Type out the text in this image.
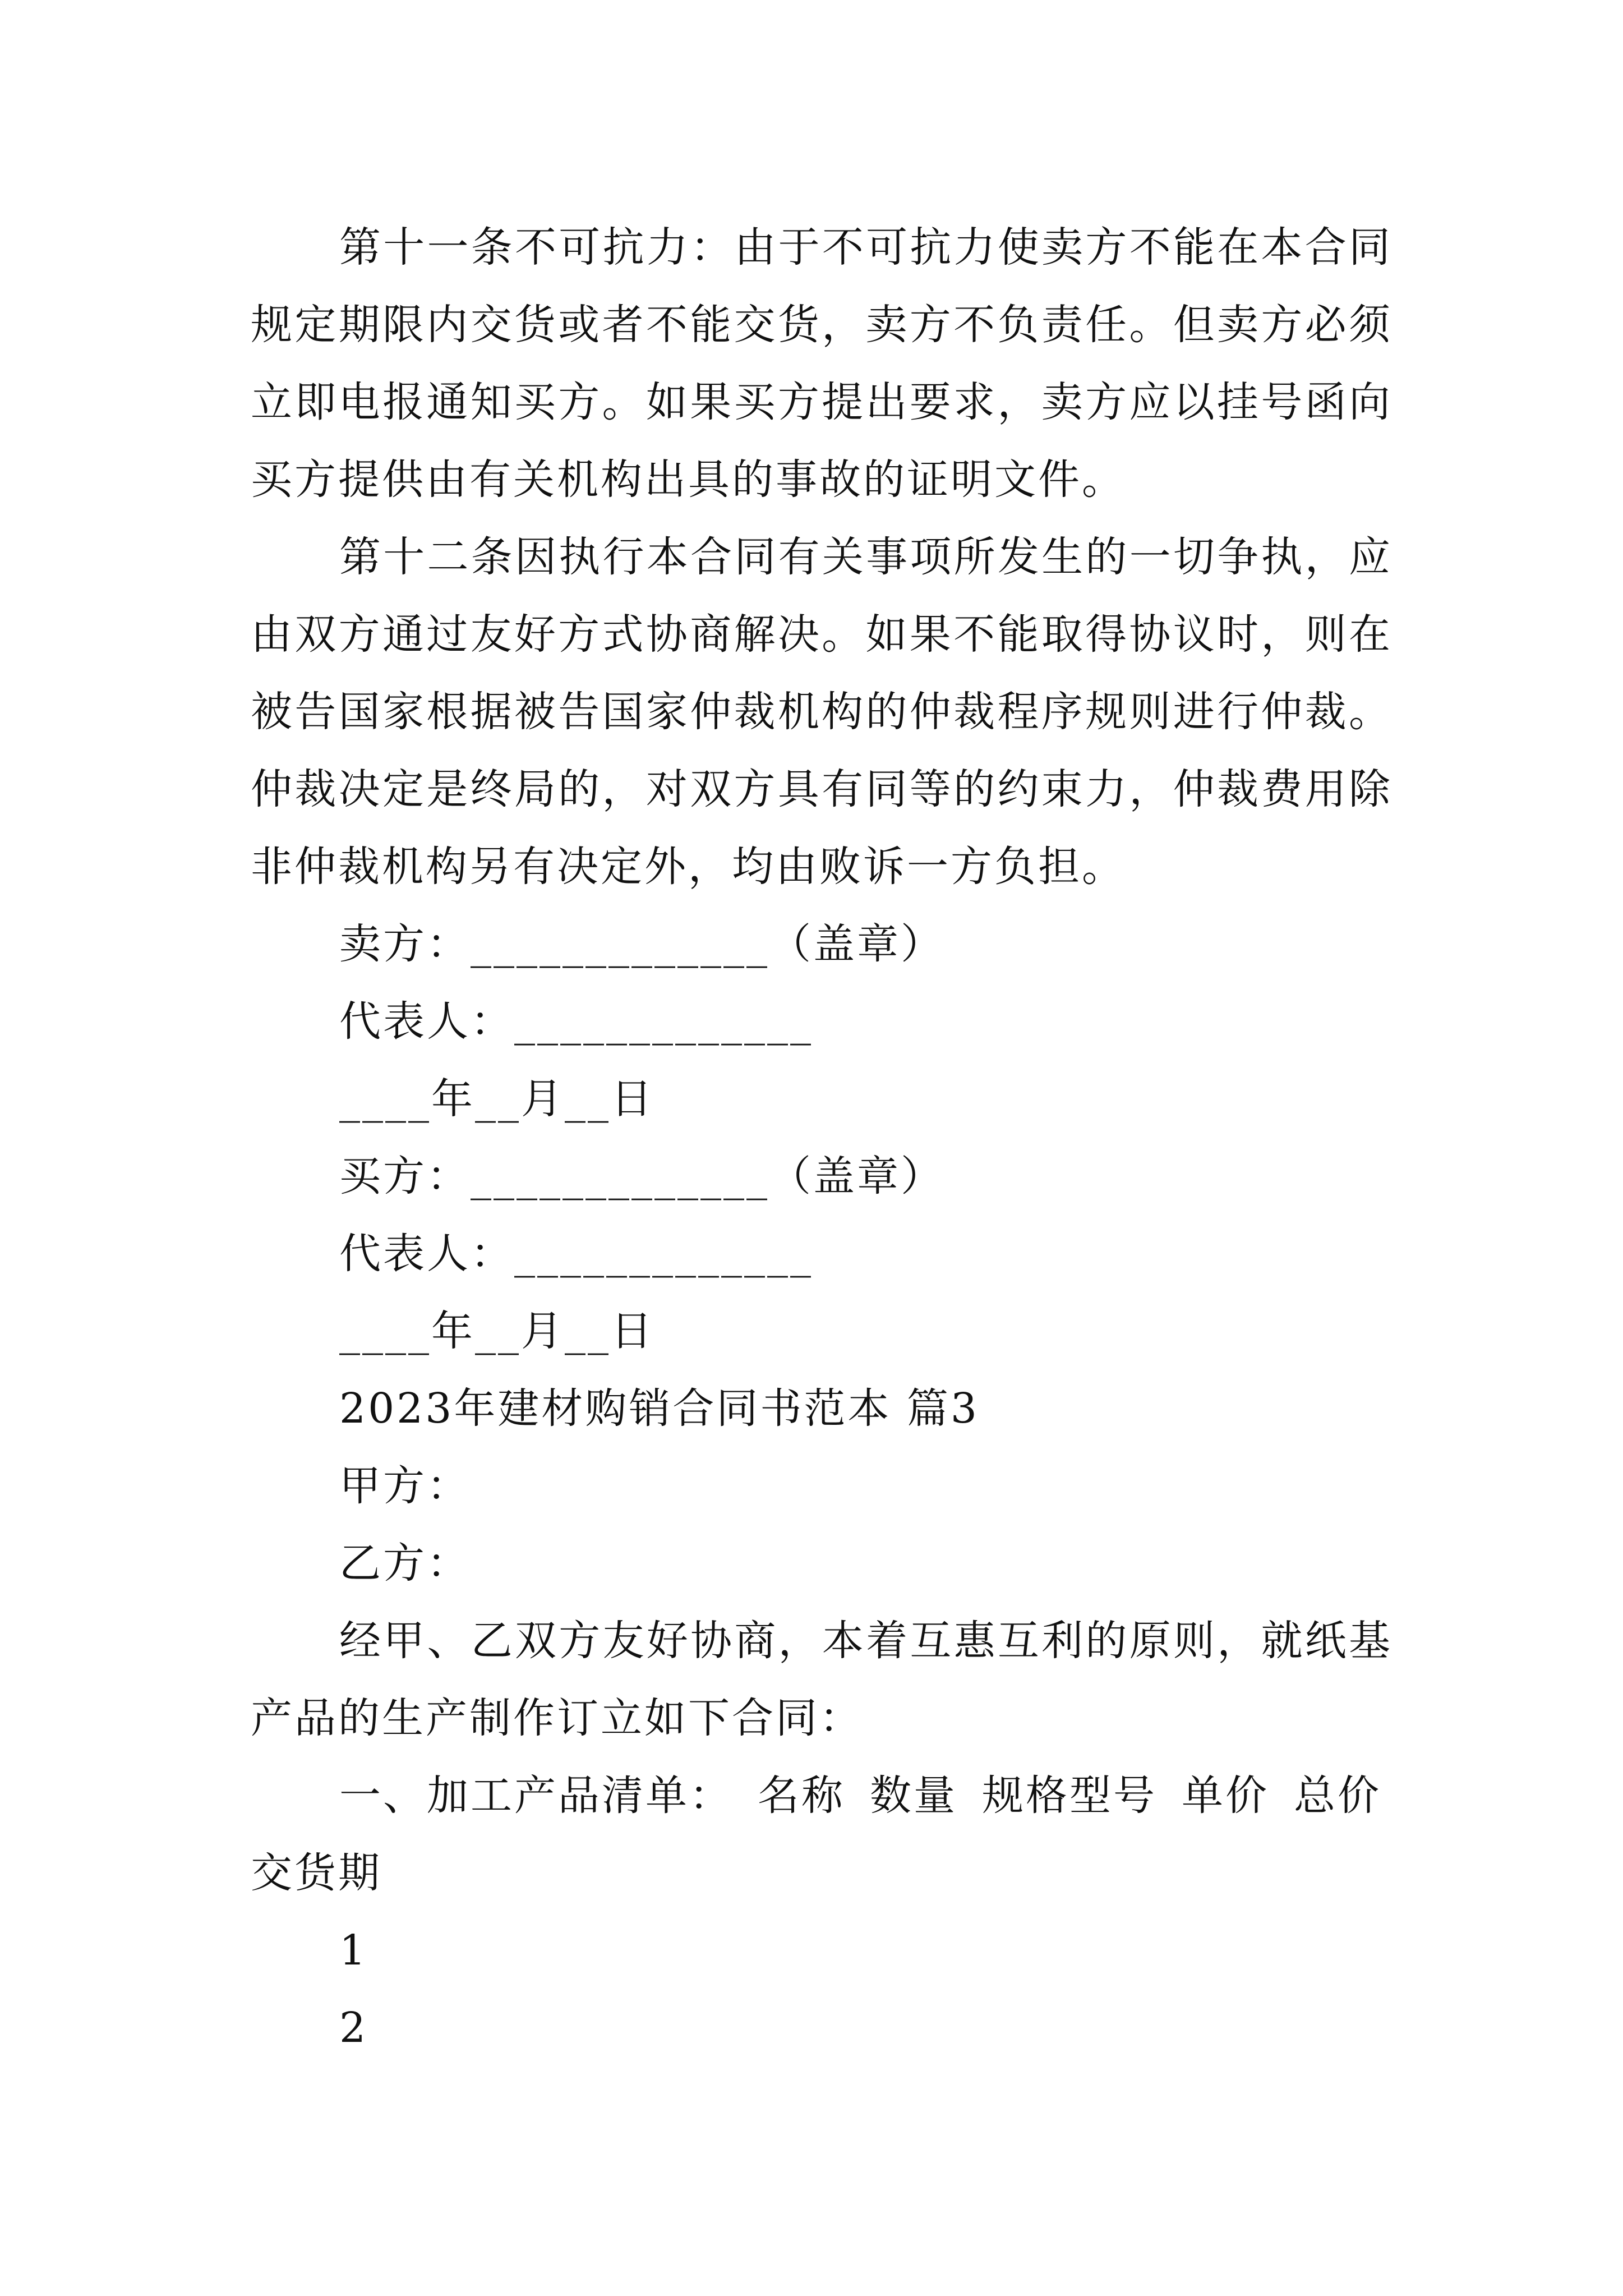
第十一条不可抗力：由于不可抗力使卖方不能在本合同规定期限内交货或者不能交货，卖方不负责任。但卖方必须立即电报通知买方。如果买方提出要求，卖方应以挂号函向买方提供由有关机构出具的事故的证明文件。

第十二条因执行本合同有关事项所发生的一切争执，应由双方通过友好方式协商解决。如果不能取得协议时，则在被告国家根据被告国家仲裁机构的仲裁程序规则进行仲裁。仲裁决定是终局的，对双方具有同等的约束力，仲裁费用除非仲裁机构另有决定外，均由败诉一方负担。

卖方：_____________（盖章）

代表人：_____________

____年__月__日

买方：_____________（盖章）

代表人：_____________

____年__月__日

2023年建材购销合同书范本 篇3

甲方：

乙方：

经甲、乙双方友好协商，本着互惠互利的原则，就纸基产品的生产制作订立如下合同：

一、加工产品清单： 名称 数量 规格型号 单价 总价

交货期

1

2
